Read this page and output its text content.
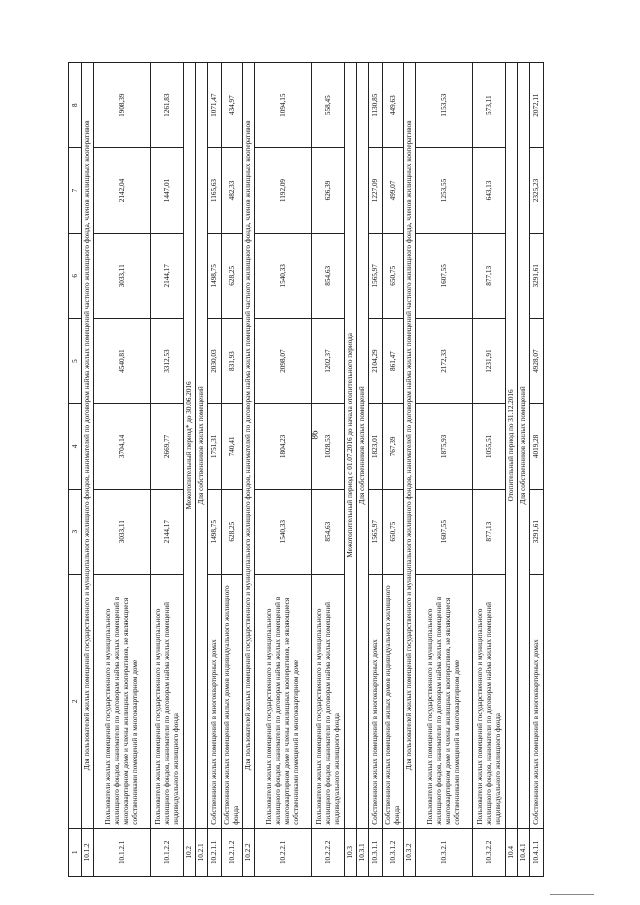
86
1	2	3	4	5	6	7	8
10.1.2	Для пользователей жилых помещений государственного и муниципального жилищного фондов, нанимателей по договорам найма жилых помещений частного жилищного фонда, членов жилищных кооперативов						
10.1.2.1	Пользователи жилых помещений государственного и муниципального жилищного фондов, наниматели по договорам найма жилых помещений в многоквартирном доме и члены жилищных кооперативов, не являющиеся собственниками помещений в многоквартирном доме	3033,11	3704,14	4540,81	3033,11	2142,04	1908,39
10.1.2.2	Пользователи жилых помещений государственного и муниципального жилищного фондов, наниматели по договорам найма жилых помещений индивидуального жилищного фонда	2144,17	2669,77	3312,53	2144,17	1447,01	1261,83
10.2	Межотопительный период* до 30.06.2016						
10.2.1	Для собственников жилых помещений						
10.2.1.1	Собственники жилых помещений в многоквартирных домах	1498,75	1751,31	2030,03	1498,75	1165,63	1071,47
10.2.1.2	Собственники жилых помещений жилых домов индивидуального жилищного фонда	628,25	740,41	831,93	628,25	482,33	434,97
10.2.2	Для пользователей жилых помещений государственного и муниципального жилищного фондов, нанимателей по договорам найма жилых помещений частного жилищного фонда, членов жилищных кооперативов						
10.2.2.1	Пользователи жилых помещений государственного и муниципального жилищного фондов, наниматели по договорам найма жилых помещений в многоквартирном доме и члены жилищных кооперативов, не являющиеся собственниками помещений в многоквартирном доме	1540,33	1804,23	2098,07	1540,33	1192,09	1094,15
10.2.2.2	Пользователи жилых помещений государственного и муниципального жилищного фондов, наниматели по договорам найма жилых помещений индивидуального жилищного фонда	854,63	1028,53	1202,37	854,63	626,39	558,45
10.3	Межотопительный период с 01.07.2016 до начала отопительного периода						
10.3.1	Для собственников жилых помещений						
10.3.1.1	Собственники жилых помещений в многоквартирных домах	1565,97	1823,01	2104,29	1565,97	1227,09	1130,85
10.3.1.2	Собственники жилых помещений жилых домов индивидуального жилищного фонда	650,75	767,39	861,47	650,75	499,07	449,63
10.3.2	Для пользователей жилых помещений государственного и муниципального жилищного фондов, нанимателей по договорам найма жилых помещений частного жилищного фонда, членов жилищных кооперативов						
10.3.2.1	Пользователи жилых помещений государственного и муниципального жилищного фондов, наниматели по договорам найма жилых помещений в многоквартирном доме и члены жилищных кооперативов, не являющиеся собственниками помещений в многоквартирном доме	1607,55	1875,93	2172,33	1607,55	1253,55	1153,53
10.3.2.2	Пользователи жилых помещений государственного и муниципального жилищного фондов, наниматели по договорам найма жилых помещений индивидуального жилищного фонда	877,13	1055,51	1231,91	877,13	643,13	573,11
10.4	Отопительный период по 31.12.2016						
10.4.1	Для собственников жилых помещений						
10.4.1.1	Собственники жилых помещений в многоквартирных домах	3291,61	4019,28	4928,07	3291,61	2325,23	2072,11
